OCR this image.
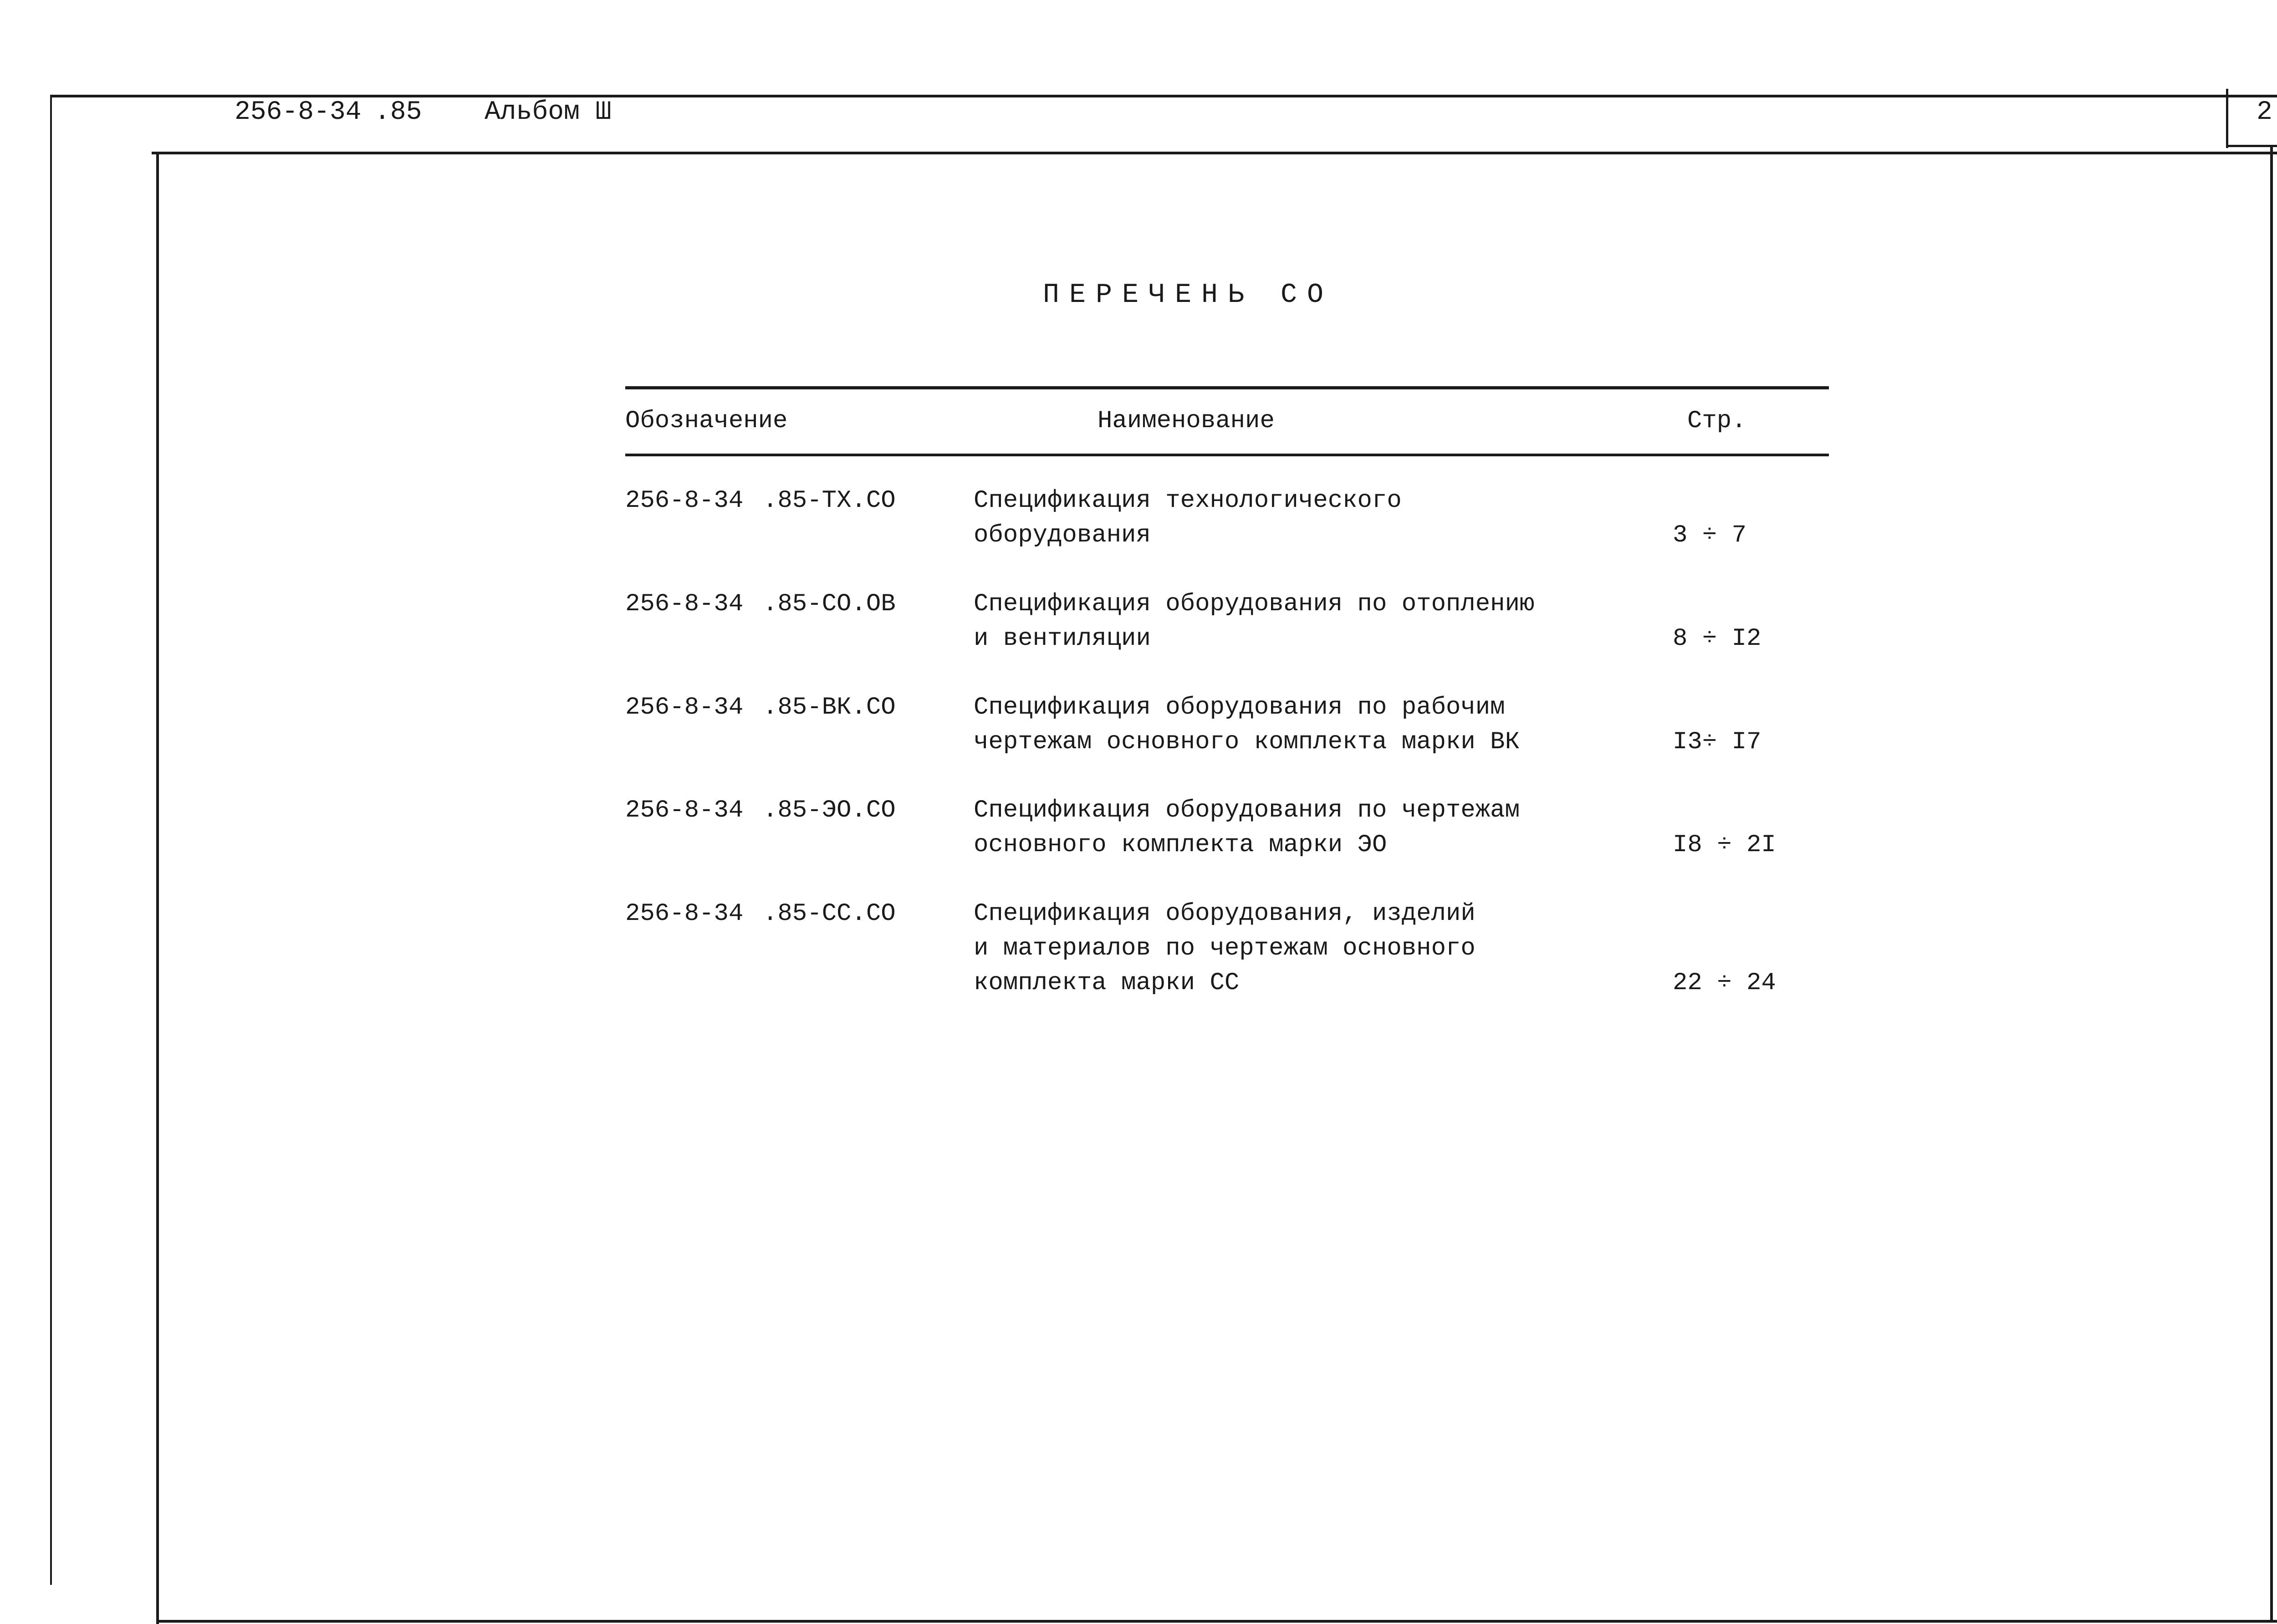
256-8-34 .85 Альбом Ш	2
ПЕРЕЧЕНЬ СО
Обозначение	Наименование	Стр.
256-8-34 .85-ТХ.СО	Спецификация технологического
оборудования	3 ÷ 7
256-8-34 .85-СО.ОВ	Спецификация оборудования по отоплению
и вентиляции	8 ÷ I2
256-8-34 .85-ВК.СО	Спецификация оборудования по рабочим
чертежам основного комплекта марки ВК	I3÷ I7
256-8-34 .85-ЭО.СО	Спецификация оборудования по чертежам
основного комплекта марки ЭО	I8 ÷ 2I
256-8-34 .85-СС.СО	Спецификация оборудования, изделий
и материалов по чертежам основного
комплекта марки СС	22 ÷ 24
